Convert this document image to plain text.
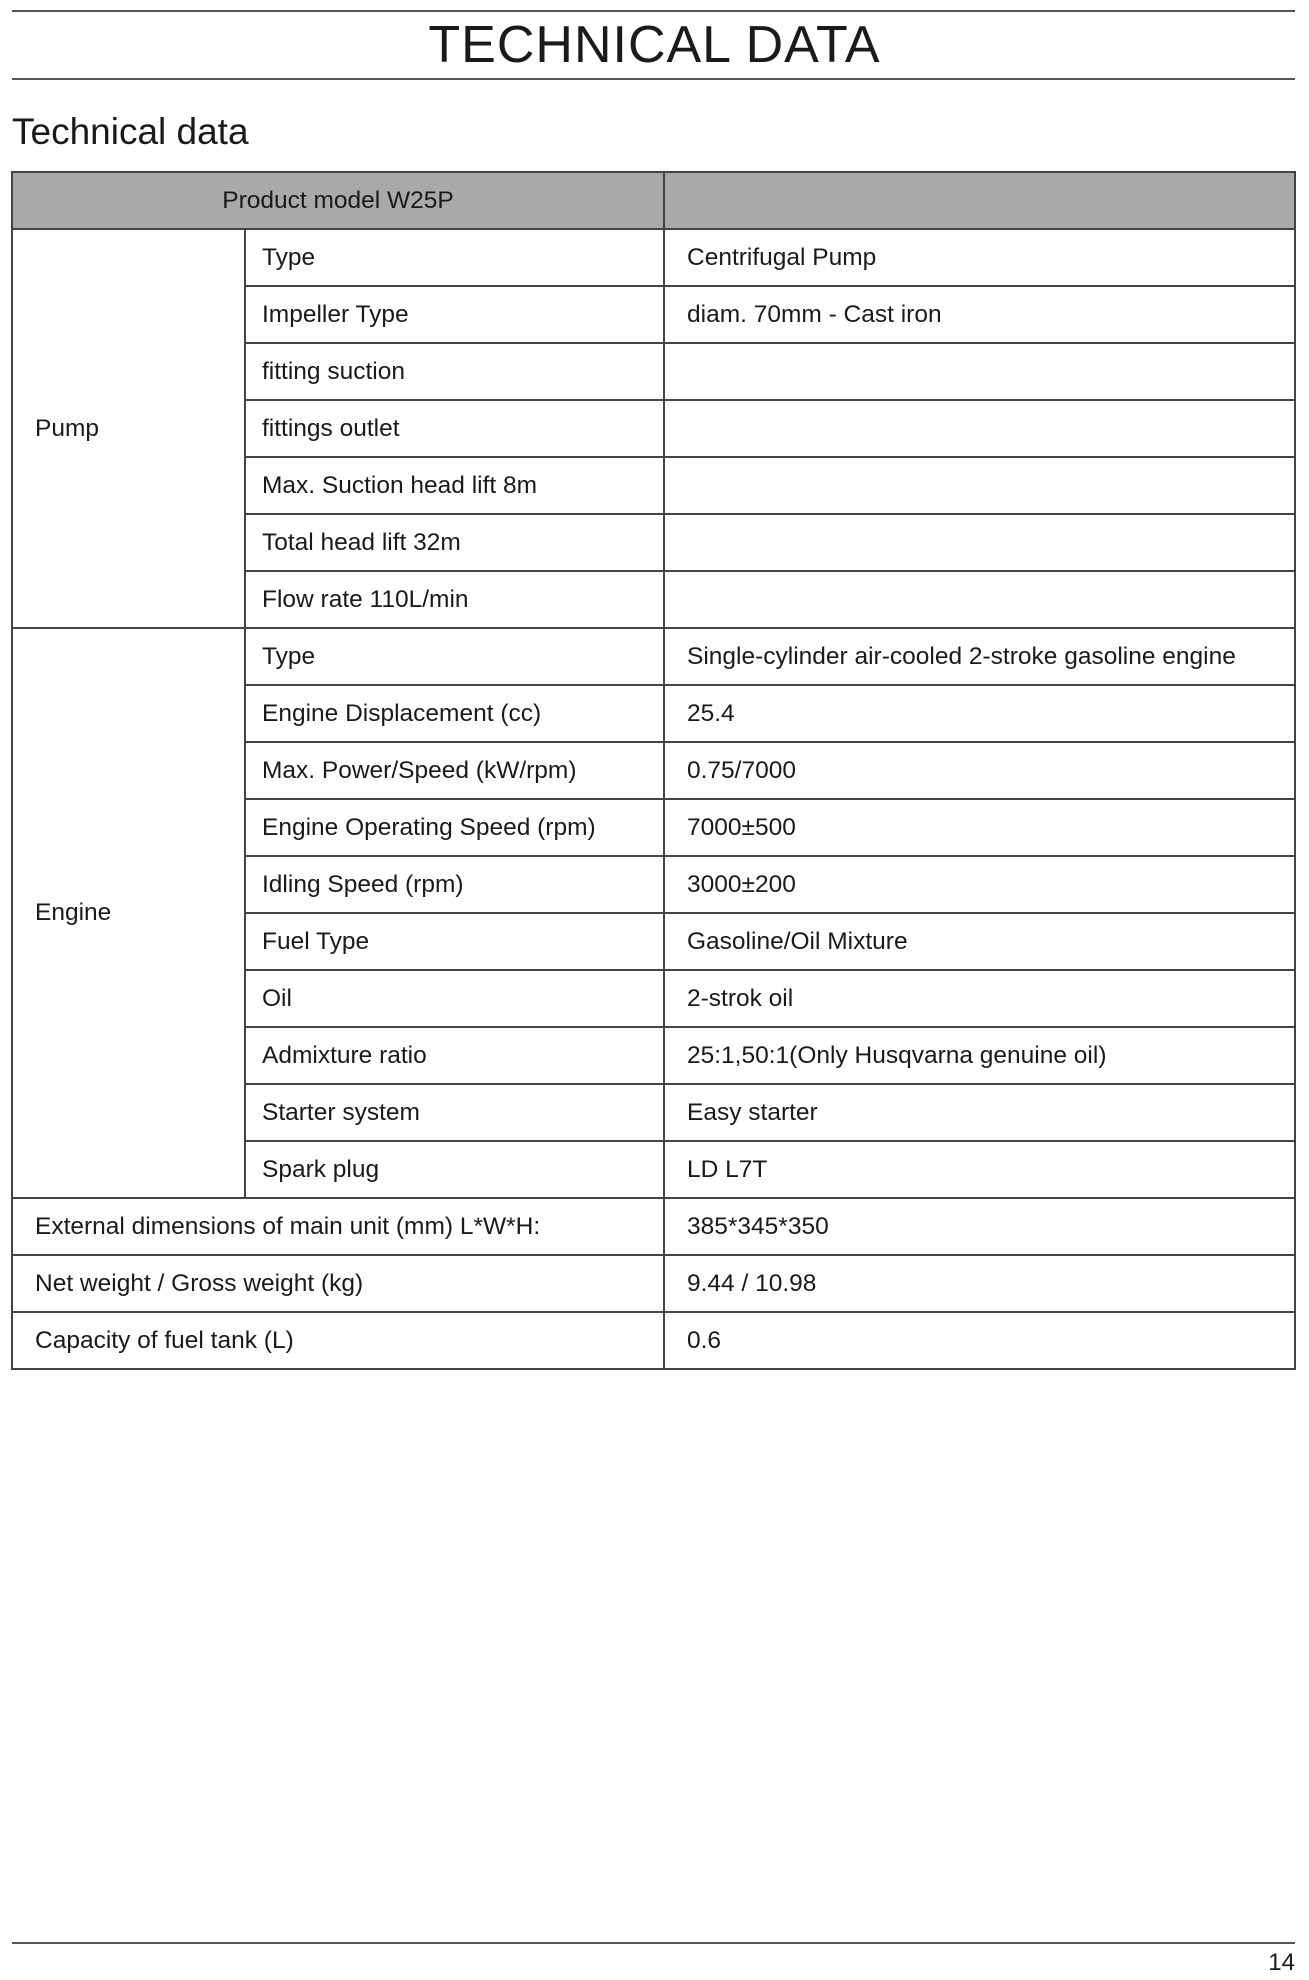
TECHNICAL DATA
Technical data
Product model W25P		
Pump	Type	Centrifugal Pump
	Impeller Type	diam. 70mm - Cast iron
	fitting suction	
	fittings outlet	
	Max. Suction head lift 8m	
	Total head lift 32m	
	Flow rate 110L/min	
Engine	Type	Single-cylinder air-cooled 2-stroke gasoline engine
	Engine Displacement (cc)	25.4
	Max. Power/Speed (kW/rpm)	0.75/7000
	Engine Operating Speed (rpm)	7000±500
	Idling Speed (rpm)	3000±200
	Fuel Type	Gasoline/Oil Mixture
	Oil	2-strok oil
	Admixture ratio	25:1,50:1(Only Husqvarna genuine oil)
	Starter system	Easy starter
	Spark plug	LD L7T
External dimensions of main unit (mm) L*W*H:		385*345*350
Net weight / Gross weight (kg)		9.44 / 10.98
Capacity of fuel tank (L)		0.6
14
